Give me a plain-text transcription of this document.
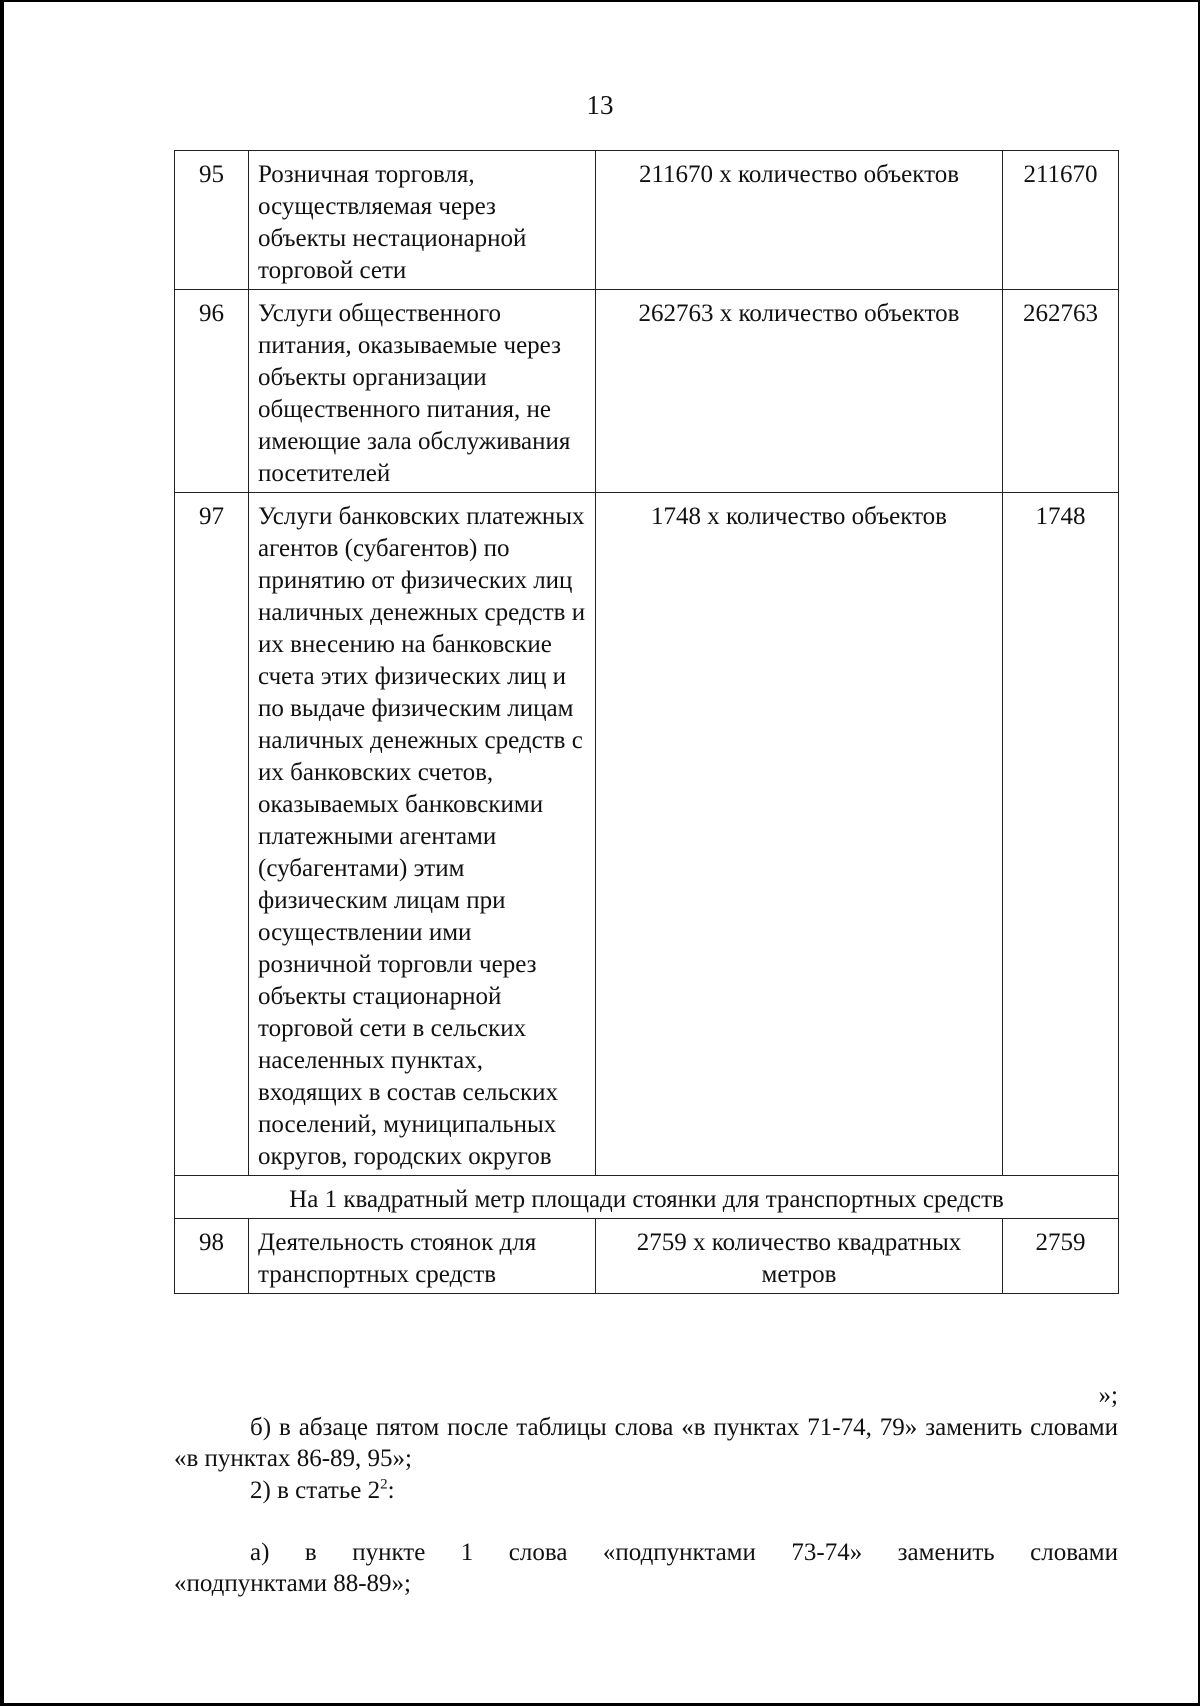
13
95	Розничная торговля, осуществляемая через объекты нестационарной торговой сети	211670 х количество объектов	211670
96	Услуги общественного питания, оказываемые через объекты организации общественного питания, не имеющие зала обслуживания посетителей	262763 х количество объектов	262763
97	Услуги банковских платежных агентов (субагентов) по принятию от физических лиц наличных денежных средств и их внесению на банковские счета этих физических лиц и по выдаче физическим лицам наличных денежных средств с их банковских счетов, оказываемых банковскими платежными агентами (субагентами) этим физическим лицам при осуществлении ими розничной торговли через объекты стационарной торговой сети в сельских населенных пунктах, входящих в состав сельских поселений, муниципальных округов, городских округов	1748 х количество объектов	1748
На 1 квадратный метр площади стоянки для транспортных средств			
98	Деятельность стоянок для транспортных средств	2759 х количество квадратных метров	2759
»;
б) в абзаце пятом после таблицы слова «в пунктах 71-74, 79» заменить словами «в пунктах 86-89, 95»;
2) в статье $2^2$:
а) в пункте 1 слова «подпунктами 73-74» заменить словами
«подпунктами 88-89»;
